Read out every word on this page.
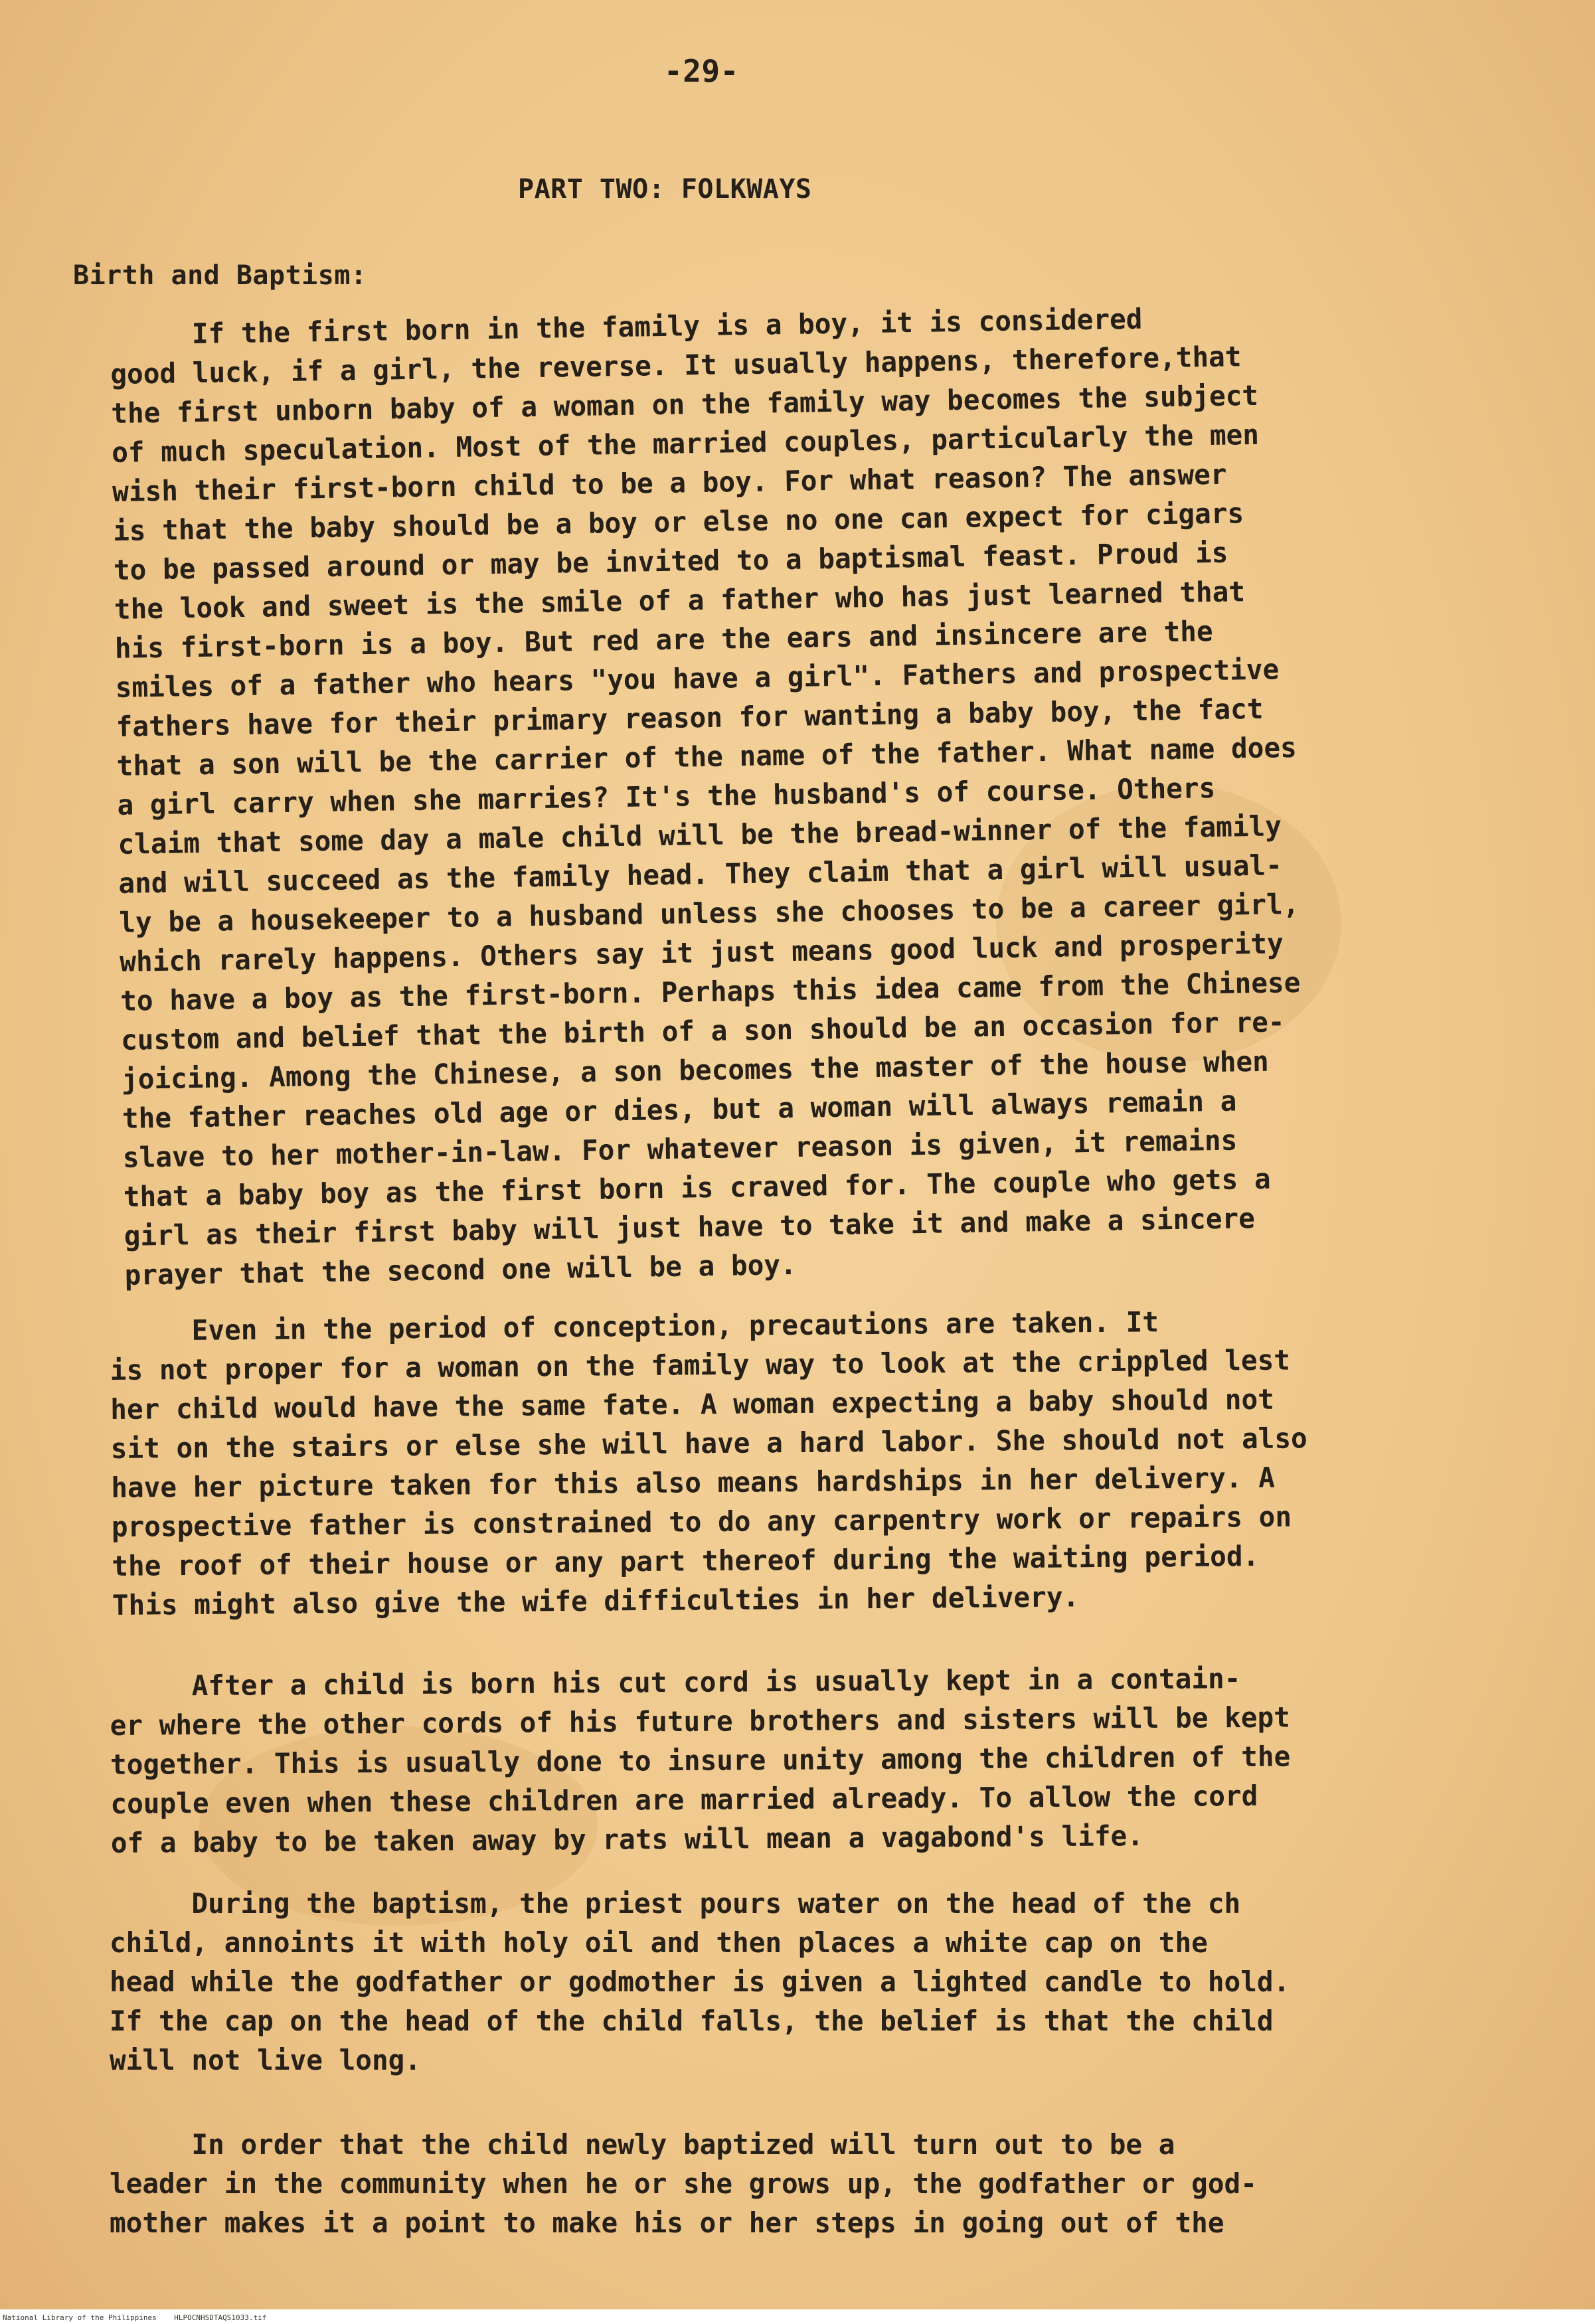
-29-
PART TWO: FOLKWAYS
Birth and Baptism:
If the first born in the family is a boy, it is considered
good luck, if a girl, the reverse. It usually happens, therefore,that
the first unborn baby of a woman on the family way becomes the subject
of much speculation. Most of the married couples, particularly the men
wish their first-born child to be a boy. For what reason? The answer
is that the baby should be a boy or else no one can expect for cigars
to be passed around or may be invited to a baptismal feast. Proud is
the look and sweet is the smile of a father who has just learned that
his first-born is a boy. But red are the ears and insincere are the
smiles of a father who hears "you have a girl". Fathers and prospective
fathers have for their primary reason for wanting a baby boy, the fact
that a son will be the carrier of the name of the father. What name does
a girl carry when she marries? It's the husband's of course. Others
claim that some day a male child will be the bread-winner of the family
and will succeed as the family head. They claim that a girl will usual-
ly be a housekeeper to a husband unless she chooses to be a career girl,
which rarely happens. Others say it just means good luck and prosperity
to have a boy as the first-born. Perhaps this idea came from the Chinese
custom and belief that the birth of a son should be an occasion for re-
joicing. Among the Chinese, a son becomes the master of the house when
the father reaches old age or dies, but a woman will always remain a
slave to her mother-in-law. For whatever reason is given, it remains
that a baby boy as the first born is craved for. The couple who gets a
girl as their first baby will just have to take it and make a sincere
prayer that the second one will be a boy.
Even in the period of conception, precautions are taken. It
is not proper for a woman on the family way to look at the crippled lest
her child would have the same fate. A woman expecting a baby should not
sit on the stairs or else she will have a hard labor. She should not also
have her picture taken for this also means hardships in her delivery. A
prospective father is constrained to do any carpentry work or repairs on
the roof of their house or any part thereof during the waiting period.
This might also give the wife difficulties in her delivery.
After a child is born his cut cord is usually kept in a contain-
er where the other cords of his future brothers and sisters will be kept
together. This is usually done to insure unity among the children of the
couple even when these children are married already. To allow the cord
of a baby to be taken away by rats will mean a vagabond's life.
During the baptism, the priest pours water on the head of the ch
child, annoints it with holy oil and then places a white cap on the
head while the godfather or godmother is given a lighted candle to hold.
If the cap on the head of the child falls, the belief is that the child
will not live long.
In order that the child newly baptized will turn out to be a
leader in the community when he or she grows up, the godfather or god-
mother makes it a point to make his or her steps in going out of the
National Library of the Philippines    HLPOCNHSDTAQS1033.tif
